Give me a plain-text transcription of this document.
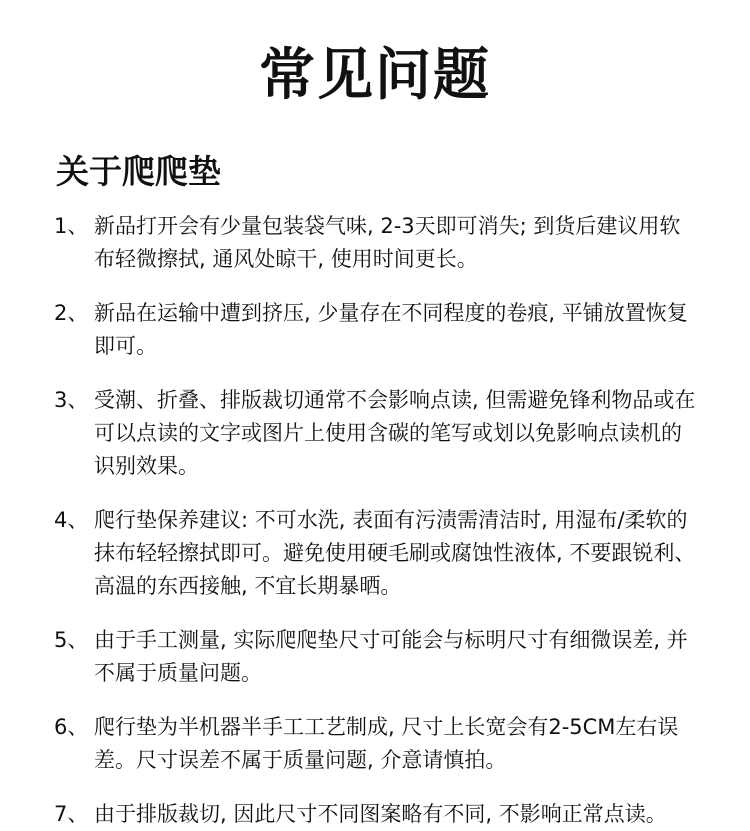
常见问题
关于爬爬垫
1、 新品打开会有少量包装袋气味, 2-3天即可消失; 到货后建议用软布轻微擦拭, 通风处晾干, 使用时间更长。
2、 新品在运输中遭到挤压, 少量存在不同程度的卷痕, 平铺放置恢复即可。
3、 受潮、折叠、排版裁切通常不会影响点读, 但需避免锋利物品或在可以点读的文字或图片上使用含碳的笔写或划以免影响点读机的识别效果。
4、 爬行垫保养建议: 不可水洗, 表面有污渍需清洁时, 用湿布/柔软的抹布轻轻擦拭即可。避免使用硬毛刷或腐蚀性液体, 不要跟锐利、高温的东西接触, 不宜长期暴晒。
5、 由于手工测量, 实际爬爬垫尺寸可能会与标明尺寸有细微误差, 并不属于质量问题。
6、 爬行垫为半机器半手工工艺制成, 尺寸上长宽会有2-5CM左右误差。尺寸误差不属于质量问题, 介意请慎拍。
7、 由于排版裁切, 因此尺寸不同图案略有不同, 不影响正常点读。
